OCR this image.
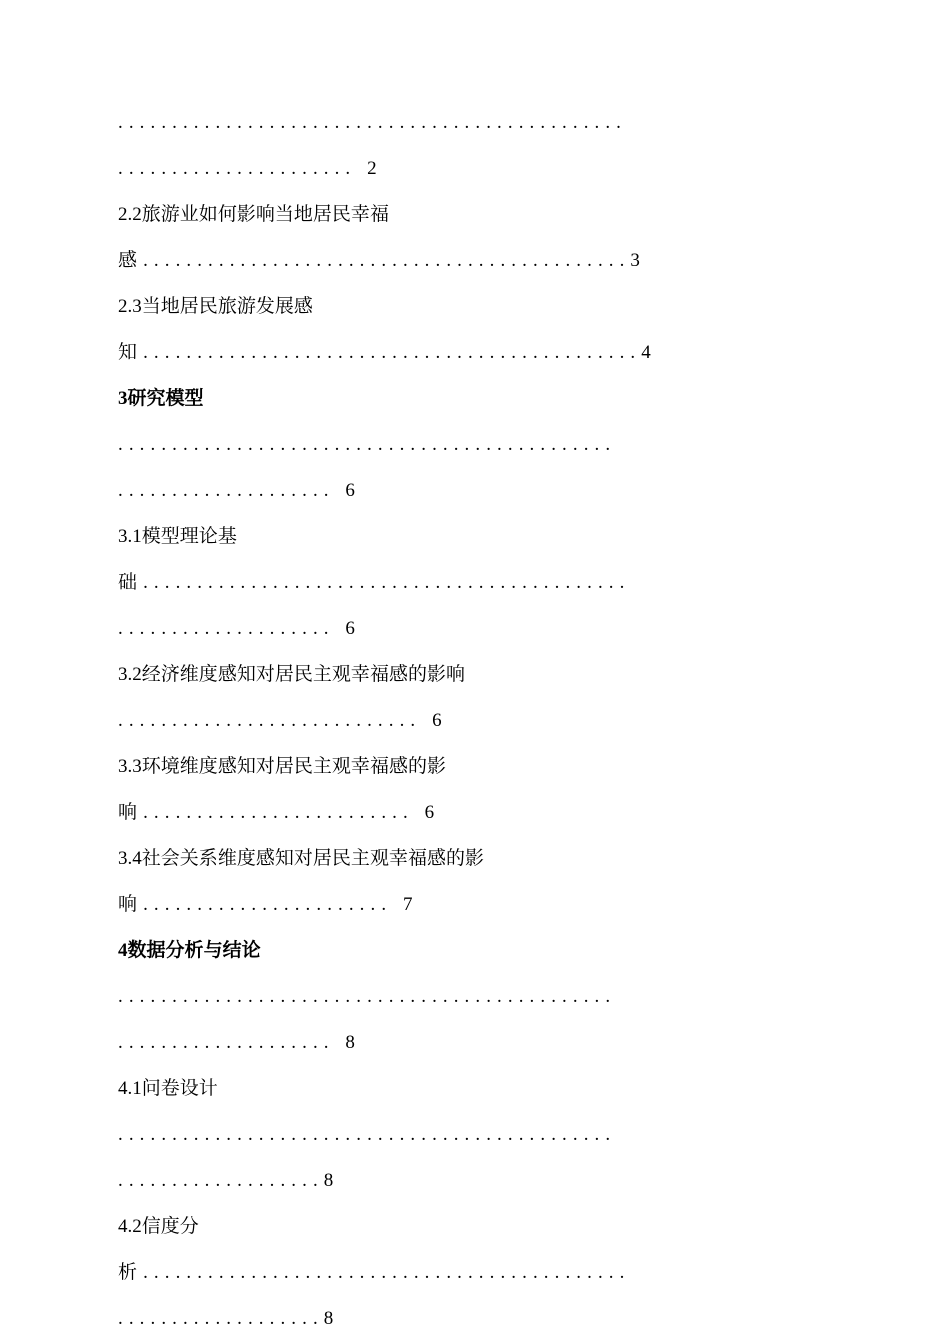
...............................................
...................... 2
2.2旅游业如何影响当地居民幸福
感.............................................3
2.3当地居民旅游发展感
知..............................................4
3研究模型
..............................................
.................... 6
3.1模型理论基
础.............................................
.................... 6
3.2经济维度感知对居民主观幸福感的影响
............................ 6
3.3环境维度感知对居民主观幸福感的影
响......................... 6
3.4社会关系维度感知对居民主观幸福感的影
响....................... 7
4数据分析与结论
..............................................
.................... 8
4.1问卷设计
..............................................
...................8
4.2信度分
析.............................................
...................8
